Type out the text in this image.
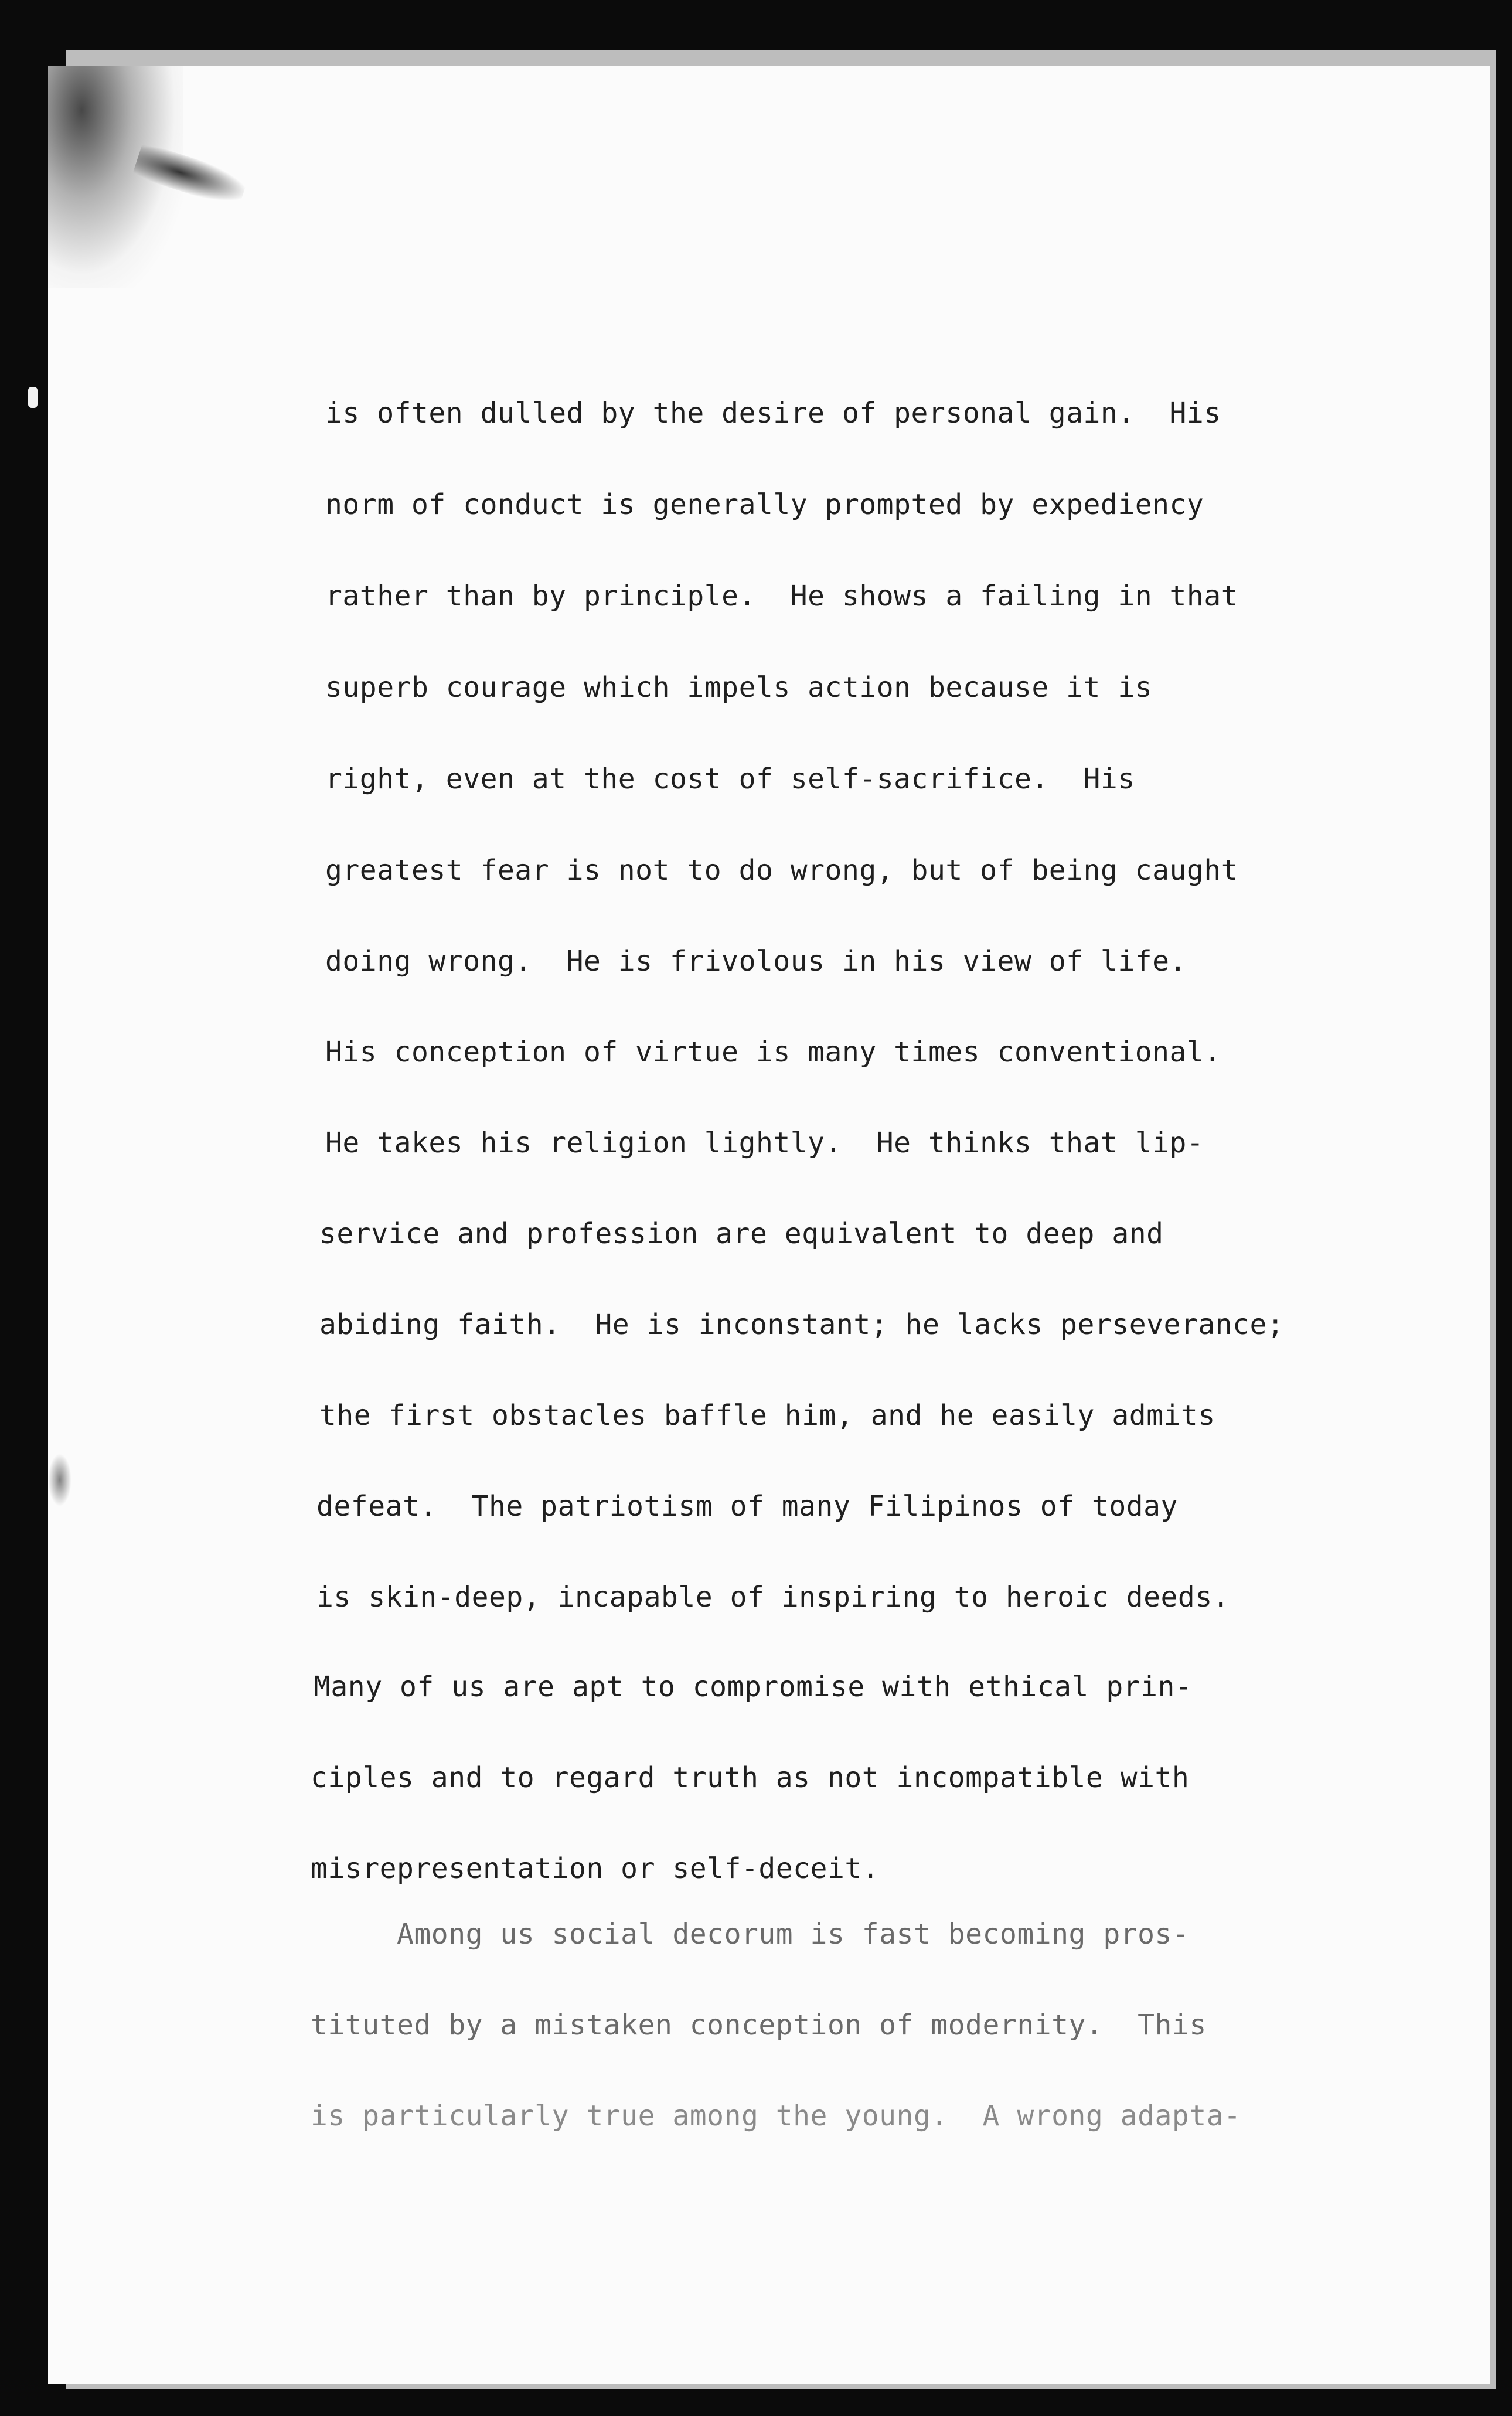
is often dulled by the desire of personal gain.  His
norm of conduct is generally prompted by expediency
rather than by principle.  He shows a failing in that
superb courage which impels action because it is
right, even at the cost of self-sacrifice.  His
greatest fear is not to do wrong, but of being caught
doing wrong.  He is frivolous in his view of life.
His conception of virtue is many times conventional.
He takes his religion lightly.  He thinks that lip-
service and profession are equivalent to deep and
abiding faith.  He is inconstant; he lacks perseverance;
the first obstacles baffle him, and he easily admits
defeat.  The patriotism of many Filipinos of today
is skin-deep, incapable of inspiring to heroic deeds.
Many of us are apt to compromise with ethical prin-
ciples and to regard truth as not incompatible with
misrepresentation or self-deceit.
Among us social decorum is fast becoming pros-
tituted by a mistaken conception of modernity.  This
is particularly true among the young.  A wrong adapta-
